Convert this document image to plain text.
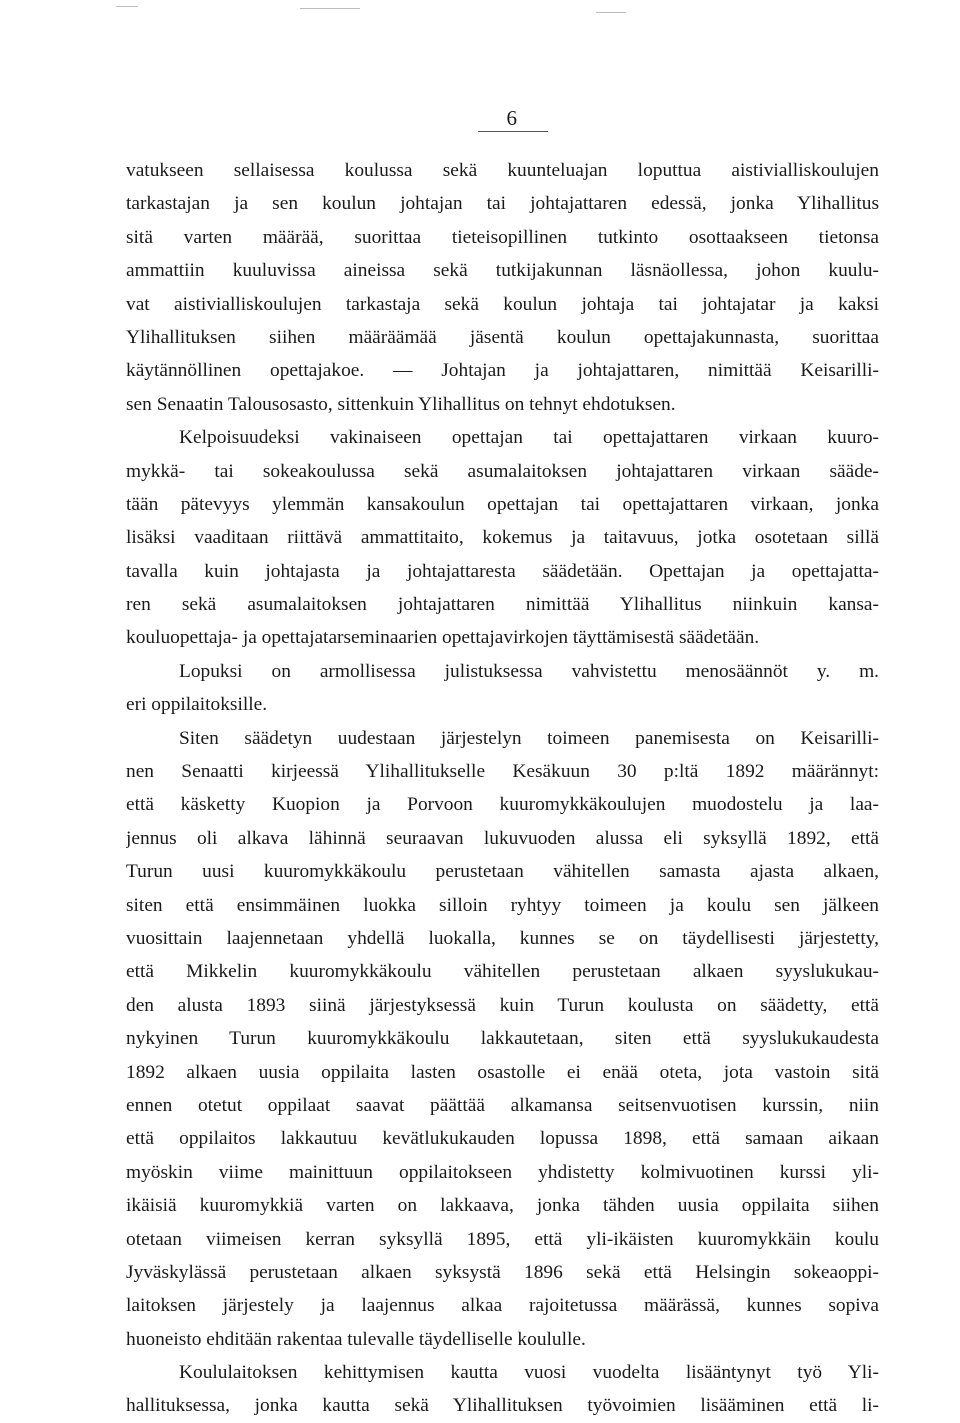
6
vatukseen sellaisessa koulussa sekä kuunteluajan loputtua aistivialliskoulujen
tarkastajan ja sen koulun johtajan tai johtajattaren edessä, jonka Ylihallitus
sitä varten määrää, suorittaa tieteisopillinen tutkinto osottaakseen tietonsa
ammattiin kuuluvissa aineissa sekä tutkijakunnan läsnäollessa, johon kuulu-
vat aistivialliskoulujen tarkastaja sekä koulun johtaja tai johtajatar ja kaksi
Ylihallituksen siihen määräämää jäsentä koulun opettajakunnasta, suorittaa
käytännöllinen opettajakoe. — Johtajan ja johtajattaren, nimittää Keisarilli-
sen Senaatin Talousosasto, sittenkuin Ylihallitus on tehnyt ehdotuksen.
Kelpoisuudeksi vakinaiseen opettajan tai opettajattaren virkaan kuuro-
mykkä- tai sokeakoulussa sekä asumalaitoksen johtajattaren virkaan sääde-
tään pätevyys ylemmän kansakoulun opettajan tai opettajattaren virkaan, jonka
lisäksi vaaditaan riittävä ammattitaito, kokemus ja taitavuus, jotka osotetaan sillä
tavalla kuin johtajasta ja johtajattaresta säädetään. Opettajan ja opettajatta-
ren sekä asumalaitoksen johtajattaren nimittää Ylihallitus niinkuin kansa-
kouluopettaja- ja opettajatarseminaarien opettajavirkojen täyttämisestä säädetään.
Lopuksi on armollisessa julistuksessa vahvistettu menosäännöt y. m.
eri oppilaitoksille.
Siten säädetyn uudestaan järjestelyn toimeen panemisesta on Keisarilli-
nen Senaatti kirjeessä Ylihallitukselle Kesäkuun 30 p:ltä 1892 määrännyt:
että käsketty Kuopion ja Porvoon kuuromykkäkoulujen muodostelu ja laa-
jennus oli alkava lähinnä seuraavan lukuvuoden alussa eli syksyllä 1892, että
Turun uusi kuuromykkäkoulu perustetaan vähitellen samasta ajasta alkaen,
siten että ensimmäinen luokka silloin ryhtyy toimeen ja koulu sen jälkeen
vuosittain laajennetaan yhdellä luokalla, kunnes se on täydellisesti järjestetty,
että Mikkelin kuuromykkäkoulu vähitellen perustetaan alkaen syyslukukau-
den alusta 1893 siinä järjestyksessä kuin Turun koulusta on säädetty, että
nykyinen Turun kuuromykkäkoulu lakkautetaan, siten että syyslukukaudesta
1892 alkaen uusia oppilaita lasten osastolle ei enää oteta, jota vastoin sitä
ennen otetut oppilaat saavat päättää alkamansa seitsenvuotisen kurssin, niin
että oppilaitos lakkautuu kevätlukukauden lopussa 1898, että samaan aikaan
myöskin viime mainittuun oppilaitokseen yhdistetty kolmivuotinen kurssi yli-
ikäisiä kuuromykkiä varten on lakkaava, jonka tähden uusia oppilaita siihen
otetaan viimeisen kerran syksyllä 1895, että yli-ikäisten kuuromykkäin koulu
Jyväskylässä perustetaan alkaen syksystä 1896 sekä että Helsingin sokeaoppi-
laitoksen järjestely ja laajennus alkaa rajoitetussa määrässä, kunnes sopiva
huoneisto ehditään rakentaa tulevalle täydelliselle koululle.
Koululaitoksen kehittymisen kautta vuosi vuodelta lisääntynyt työ Yli-
hallituksessa, jonka kautta sekä Ylihallituksen työvoimien lisääminen että li-
